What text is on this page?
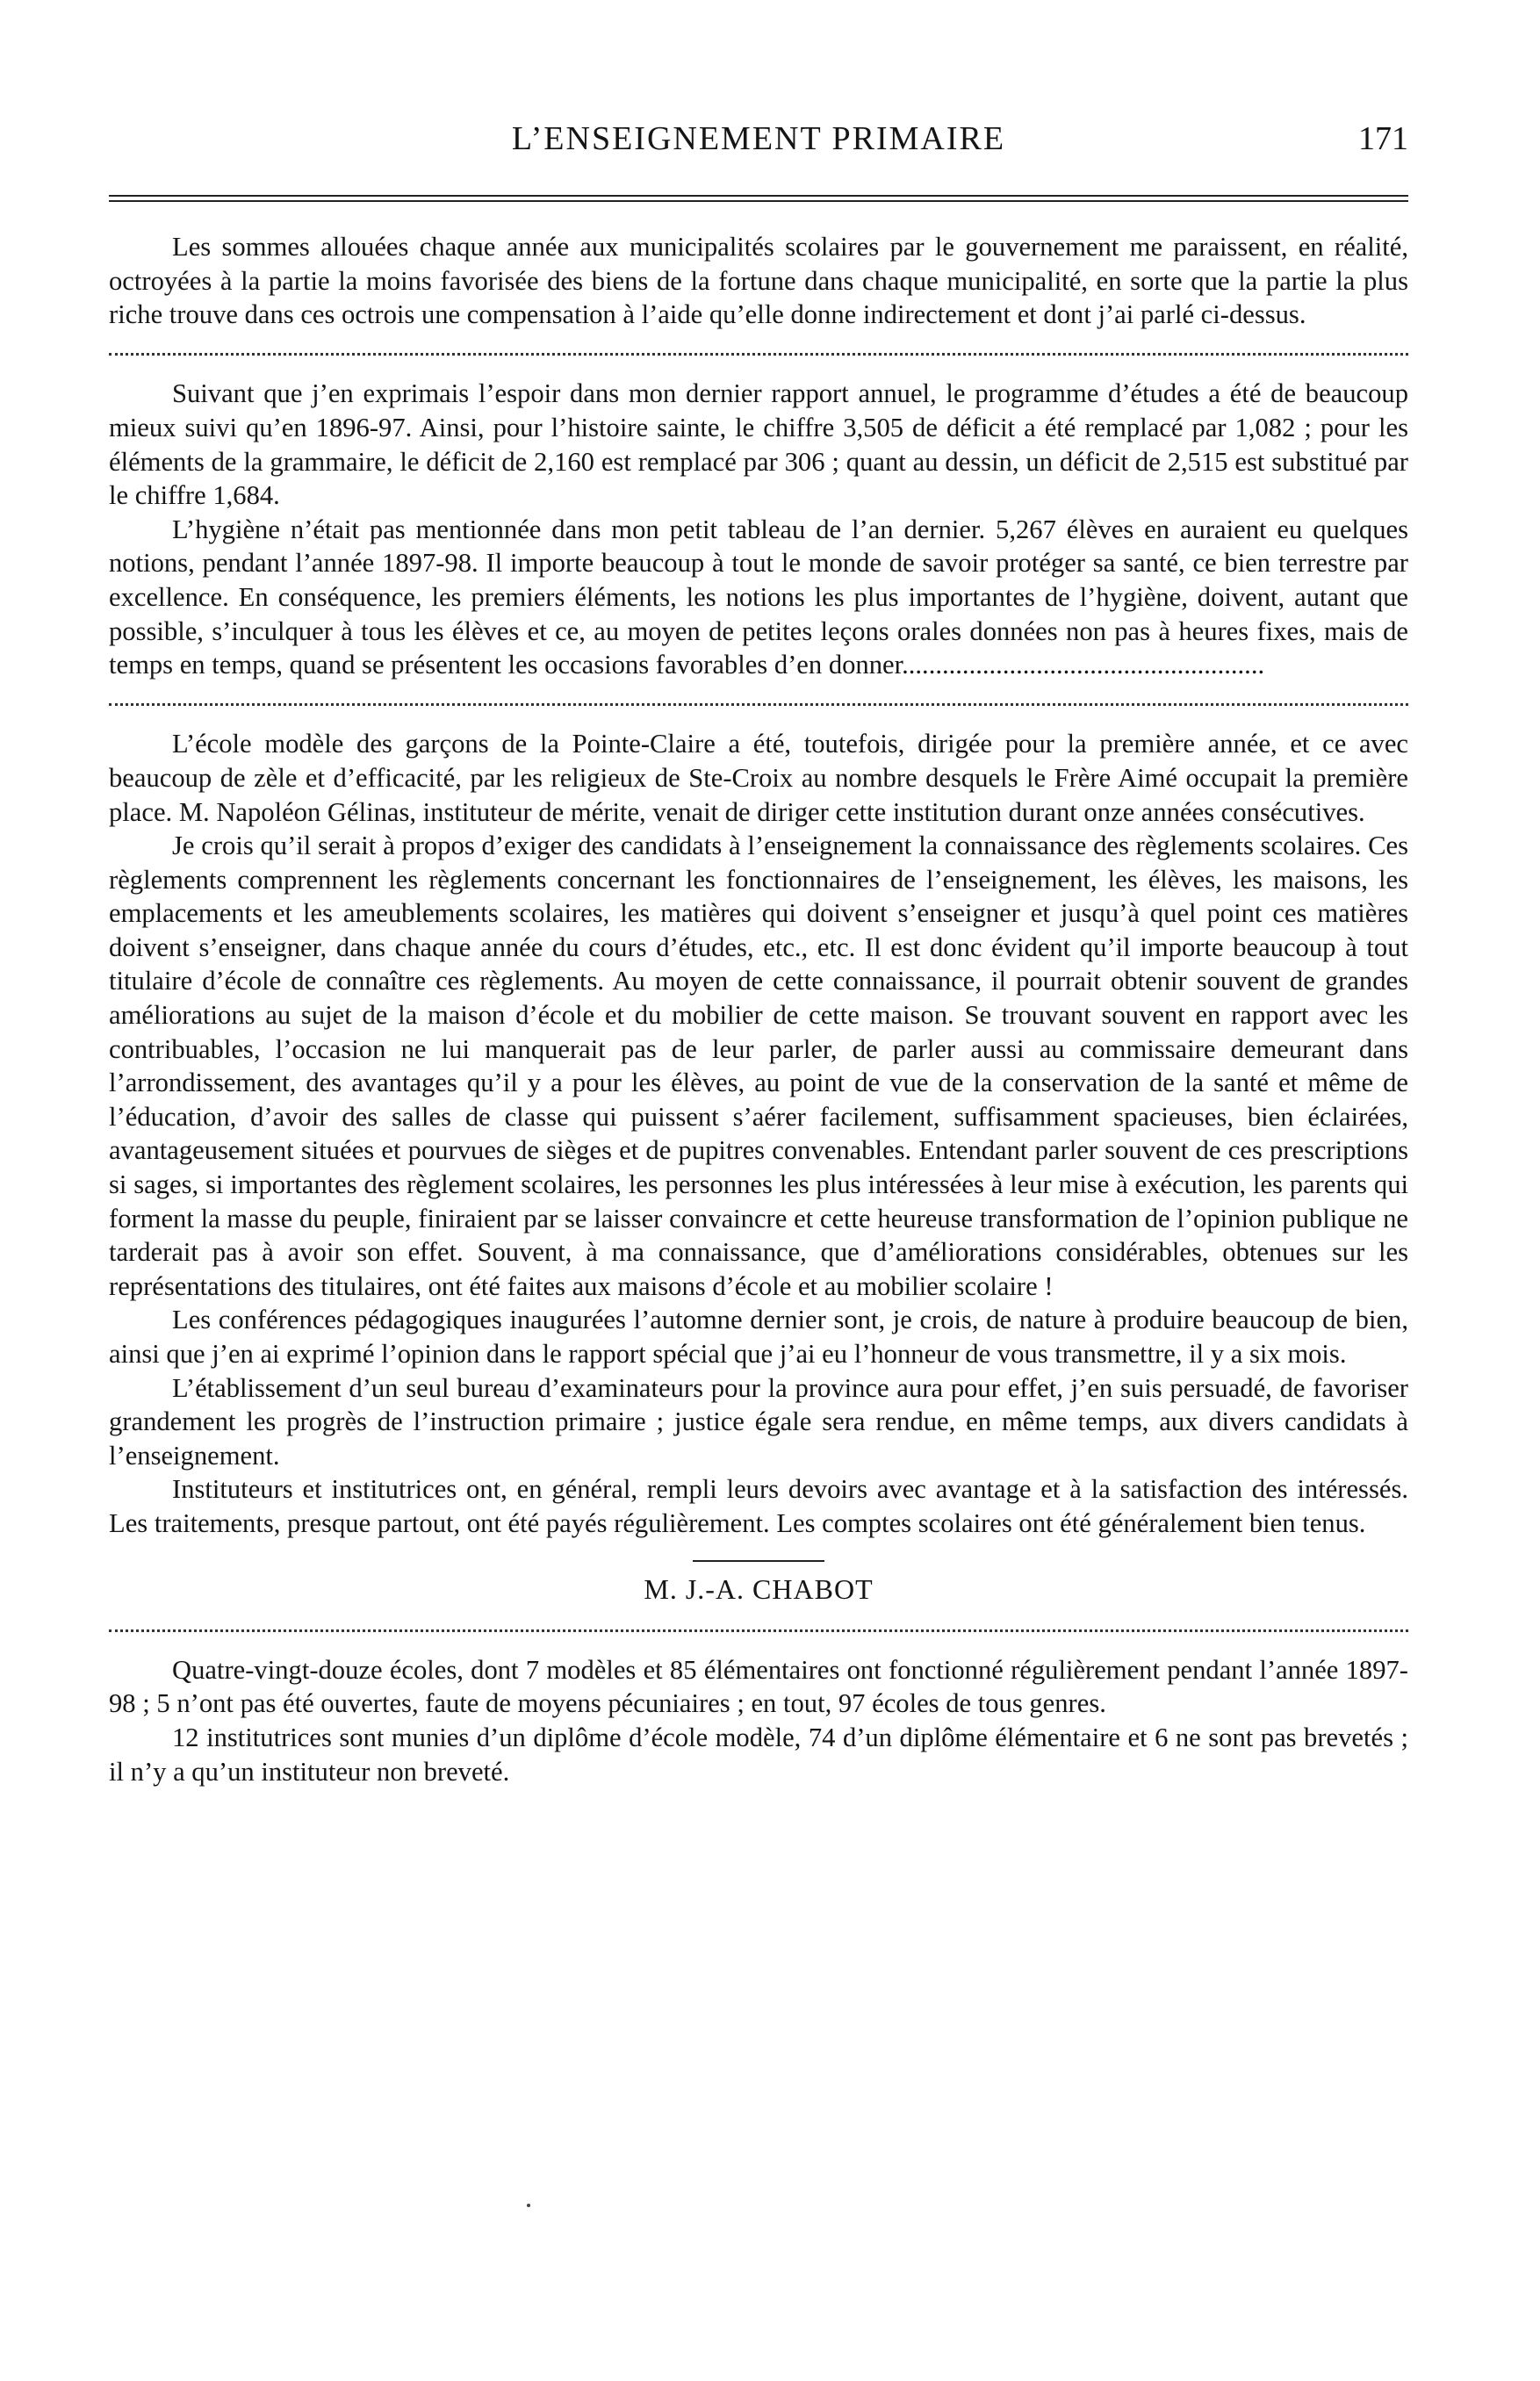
L’ENSEIGNEMENT PRIMAIRE	171

Les sommes allouées chaque année aux municipalités scolaires par le gouvernement me paraissent, en réalité, octroyées à la partie la moins favorisée des biens de la fortune dans chaque municipalité, en sorte que la partie la plus riche trouve dans ces octrois une compensation à l’aide qu’elle donne indirectement et dont j’ai parlé ci-dessus.

Suivant que j’en exprimais l’espoir dans mon dernier rapport annuel, le programme d’études a été de beaucoup mieux suivi qu’en 1896-97. Ainsi, pour l’histoire sainte, le chiffre 3,505 de déficit a été remplacé par 1,082 ; pour les éléments de la grammaire, le déficit de 2,160 est remplacé par 306 ; quant au dessin, un déficit de 2,515 est substitué par le chiffre 1,684.

L’hygiène n’était pas mentionnée dans mon petit tableau de l’an dernier. 5,267 élèves en auraient eu quelques notions, pendant l’année 1897-98. Il importe beaucoup à tout le monde de savoir protéger sa santé, ce bien terrestre par excellence. En conséquence, les premiers éléments, les notions les plus importantes de l’hygiène, doivent, autant que possible, s’inculquer à tous les élèves et ce, au moyen de petites leçons orales données non pas à heures fixes, mais de temps en temps, quand se présentent les occasions favorables d’en donner......................................................

L’école modèle des garçons de la Pointe-Claire a été, toutefois, dirigée pour la première année, et ce avec beaucoup de zèle et d’efficacité, par les religieux de Ste-Croix au nombre desquels le Frère Aimé occupait la première place. M. Napoléon Gélinas, instituteur de mérite, venait de diriger cette institution durant onze années consécutives.

Je crois qu’il serait à propos d’exiger des candidats à l’enseignement la connaissance des règlements scolaires. Ces règlements comprennent les règlements concernant les fonctionnaires de l’enseignement, les élèves, les maisons, les emplacements et les ameublements scolaires, les matières qui doivent s’enseigner et jusqu’à quel point ces matières doivent s’enseigner, dans chaque année du cours d’études, etc., etc. Il est donc évident qu’il importe beaucoup à tout titulaire d’école de connaître ces règlements. Au moyen de cette connaissance, il pourrait obtenir souvent de grandes améliorations au sujet de la maison d’école et du mobilier de cette maison. Se trouvant souvent en rapport avec les contribuables, l’occasion ne lui manquerait pas de leur parler, de parler aussi au commissaire demeurant dans l’arrondissement, des avantages qu’il y a pour les élèves, au point de vue de la conservation de la santé et même de l’éducation, d’avoir des salles de classe qui puissent s’aérer facilement, suffisamment spacieuses, bien éclairées, avantageusement situées et pourvues de sièges et de pupitres convenables. Entendant parler souvent de ces prescriptions si sages, si importantes des règlement scolaires, les personnes les plus intéressées à leur mise à exécution, les parents qui forment la masse du peuple, finiraient par se laisser convaincre et cette heureuse transformation de l’opinion publique ne tarderait pas à avoir son effet. Souvent, à ma connaissance, que d’améliorations considérables, obtenues sur les représentations des titulaires, ont été faites aux maisons d’école et au mobilier scolaire !

Les conférences pédagogiques inaugurées l’automne dernier sont, je crois, de nature à produire beaucoup de bien, ainsi que j’en ai exprimé l’opinion dans le rapport spécial que j’ai eu l’honneur de vous transmettre, il y a six mois.

L’établissement d’un seul bureau d’examinateurs pour la province aura pour effet, j’en suis persuadé, de favoriser grandement les progrès de l’instruction primaire ; justice égale sera rendue, en même temps, aux divers candidats à l’enseignement.

Instituteurs et institutrices ont, en général, rempli leurs devoirs avec avantage et à la satisfaction des intéressés. Les traitements, presque partout, ont été payés régulièrement. Les comptes scolaires ont été généralement bien tenus.

M. J.-A. CHABOT

Quatre-vingt-douze écoles, dont 7 modèles et 85 élémentaires ont fonctionné régulièrement pendant l’année 1897-98 ; 5 n’ont pas été ouvertes, faute de moyens pécuniaires ; en tout, 97 écoles de tous genres.

12 institutrices sont munies d’un diplôme d’école modèle, 74 d’un diplôme élémentaire et 6 ne sont pas brevetés ; il n’y a qu’un instituteur non breveté.
